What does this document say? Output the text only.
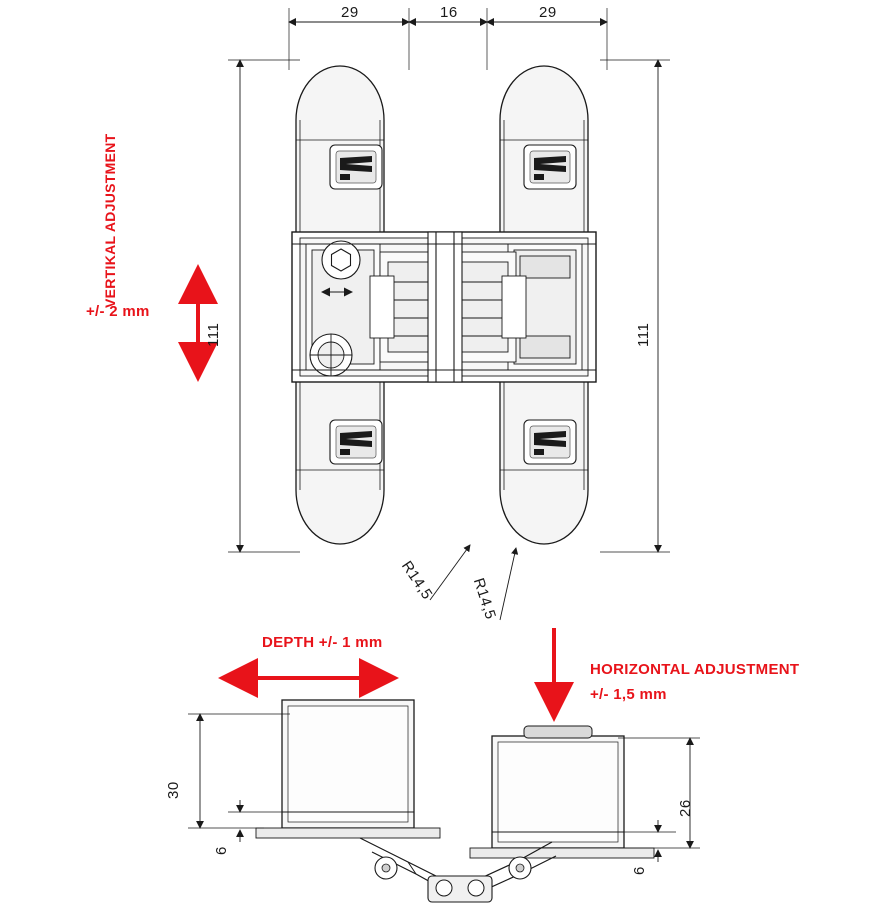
29	16	29
111	111
R14,5 R14,5
VERTIKAL ADJUSTMENT
+/- 2 mm
DEPTH +/- 1 mm
HORIZONTAL ADJUSTMENT
+/- 1,5 mm
30
6
26
6
